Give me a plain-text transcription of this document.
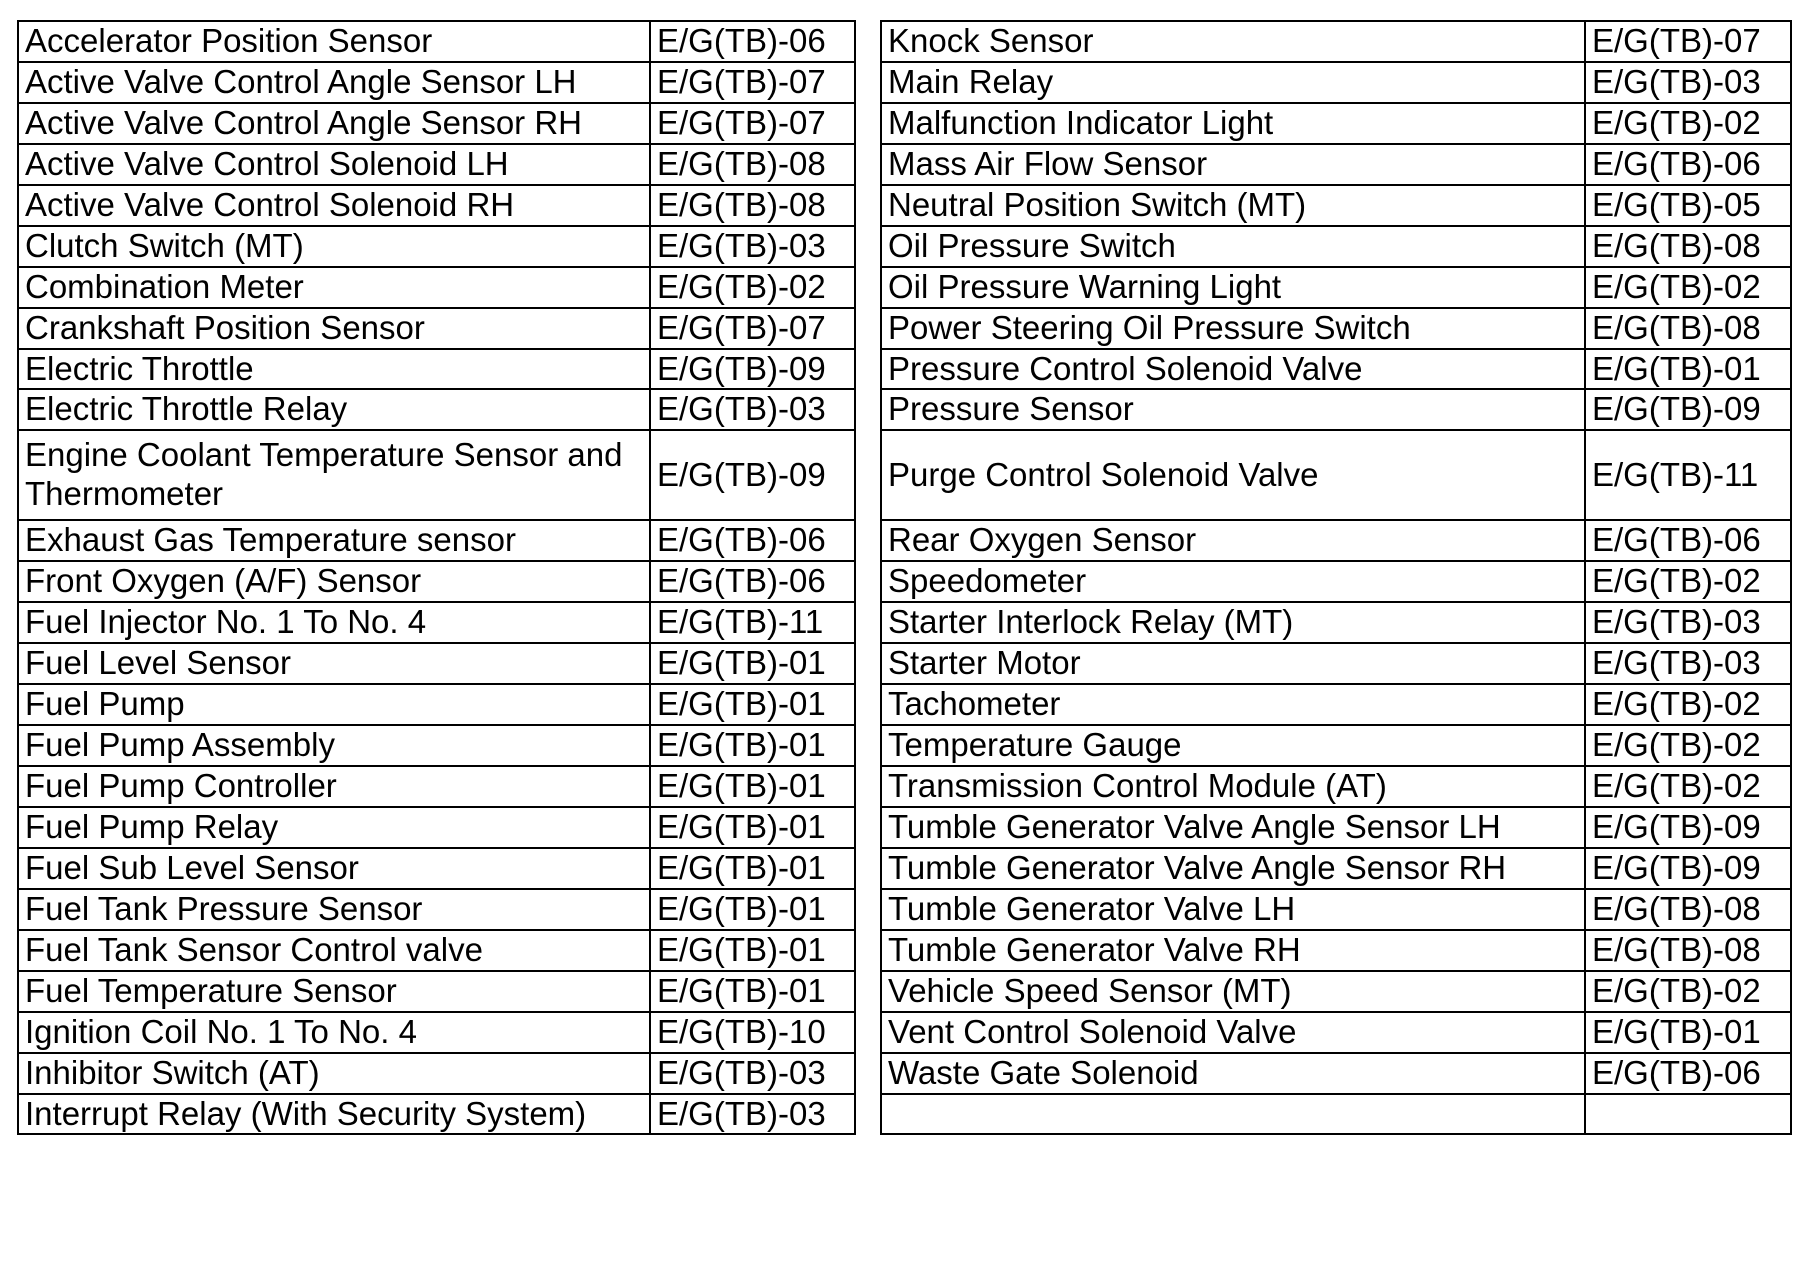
Accelerator Position Sensor	E/G(TB)-06
Active Valve Control Angle Sensor LH	E/G(TB)-07
Active Valve Control Angle Sensor RH	E/G(TB)-07
Active Valve Control Solenoid LH	E/G(TB)-08
Active Valve Control Solenoid RH	E/G(TB)-08
Clutch Switch (MT)	E/G(TB)-03
Combination Meter	E/G(TB)-02
Crankshaft Position Sensor	E/G(TB)-07
Electric Throttle	E/G(TB)-09
Electric Throttle Relay	E/G(TB)-03
Engine Coolant Temperature Sensor and Thermometer	E/G(TB)-09
Exhaust Gas Temperature sensor	E/G(TB)-06
Front Oxygen (A/F) Sensor	E/G(TB)-06
Fuel Injector No. 1 To No. 4	E/G(TB)-11
Fuel Level Sensor	E/G(TB)-01
Fuel Pump	E/G(TB)-01
Fuel Pump Assembly	E/G(TB)-01
Fuel Pump Controller	E/G(TB)-01
Fuel Pump Relay	E/G(TB)-01
Fuel Sub Level Sensor	E/G(TB)-01
Fuel Tank Pressure Sensor	E/G(TB)-01
Fuel Tank Sensor Control valve	E/G(TB)-01
Fuel Temperature Sensor	E/G(TB)-01
Ignition Coil No. 1 To No. 4	E/G(TB)-10
Inhibitor Switch (AT)	E/G(TB)-03
Interrupt Relay (With Security System)	E/G(TB)-03
Knock Sensor	E/G(TB)-07
Main Relay	E/G(TB)-03
Malfunction Indicator Light	E/G(TB)-02
Mass Air Flow Sensor	E/G(TB)-06
Neutral Position Switch (MT)	E/G(TB)-05
Oil Pressure Switch	E/G(TB)-08
Oil Pressure Warning Light	E/G(TB)-02
Power Steering Oil Pressure Switch	E/G(TB)-08
Pressure Control Solenoid Valve	E/G(TB)-01
Pressure Sensor	E/G(TB)-09
Purge Control Solenoid Valve	E/G(TB)-11
Rear Oxygen Sensor	E/G(TB)-06
Speedometer	E/G(TB)-02
Starter Interlock Relay (MT)	E/G(TB)-03
Starter Motor	E/G(TB)-03
Tachometer	E/G(TB)-02
Temperature Gauge	E/G(TB)-02
Transmission Control Module (AT)	E/G(TB)-02
Tumble Generator Valve Angle Sensor LH	E/G(TB)-09
Tumble Generator Valve Angle Sensor RH	E/G(TB)-09
Tumble Generator Valve LH	E/G(TB)-08
Tumble Generator Valve RH	E/G(TB)-08
Vehicle Speed Sensor (MT)	E/G(TB)-02
Vent Control Solenoid Valve	E/G(TB)-01
Waste Gate Solenoid	E/G(TB)-06
